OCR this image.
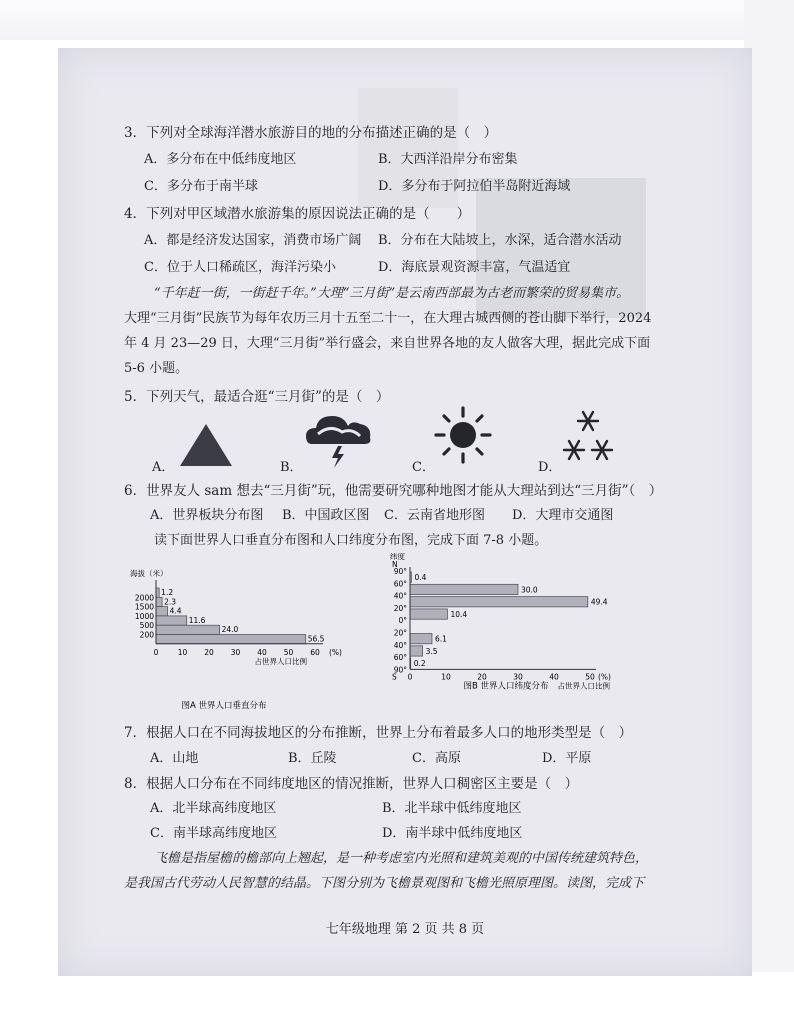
3．下列对全球海洋潜水旅游目的地的分布描述正确的是（　）
A．多分布在中低纬度地区	B．大西洋沿岸分布密集
C．多分布于南半球	D．多分布于阿拉伯半岛附近海域
4．下列对甲区域潜水旅游集的原因说法正确的是（　　）
A．都是经济发达国家，消费市场广阔 B．分布在大陆坡上，水深，适合潜水活动
C．位于人口稀疏区，海洋污染小	D．海底景观资源丰富，气温适宜
“千年赶一街，一街赶千年。”大理“三月街”是云南西部最为古老而繁荣的贸易集市。
大理“三月街”民族节为每年农历三月十五至二十一，在大理古城西侧的苍山脚下举行，2024
年 4 月 23—29 日，大理“三月街”举行盛会，来自世界各地的友人做客大理，据此完成下面
5-6 小题。
5．下列天气，最适合逛“三月街”的是（　）
A．	B．	C．	D．
6．世界友人 sam 想去“三月街”玩，他需要研究哪种地图才能从大理站到达“三月街”（　）
A．世界板块分布图 B．中国政区图 C．云南省地形图 D．大理市交通图
读下面世界人口垂直分布图和人口纬度分布图，完成下面 7-8 小题。
海拔（米）
1.2
2.3
4.4
11.6
24.0
56.5
2000
1500
1000
500
200
0	10 20 30 40 50 60 (%)
占世界人口比例
图A 世界人口垂直分布
纬度
N
90°
60°
40°
20°
0°
20°
40°
60°
90°
0.4
30.0
49.4
10.4
6.1
3.5
0.2
0	10	20	30	40	50 (%)
S
占世界人口比例
图B 世界人口纬度分布
7．根据人口在不同海拔地区的分布推断，世界上分布着最多人口的地形类型是（　）
A．山地	B．丘陵	C．高原	D．平原
8．根据人口分布在不同纬度地区的情况推断，世界人口稠密区主要是（　）
A．北半球高纬度地区	B．北半球中低纬度地区
C．南半球高纬度地区	D．南半球中低纬度地区
飞檐是指屋檐的檐部向上翘起，是一种考虑室内光照和建筑美观的中国传统建筑特色，
是我国古代劳动人民智慧的结晶。下图分别为飞檐景观图和飞檐光照原理图。读图，完成下
七年级地理 第 2 页 共 8 页
